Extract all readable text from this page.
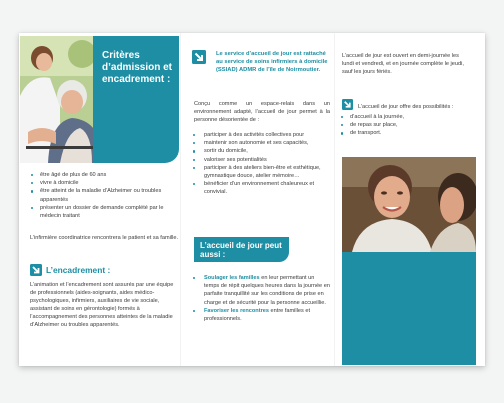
Critères d’admission et encadrement :
être âgé de plus de 60 ans
vivre à domicile
être atteint de la maladie d’Alzheimer ou troubles apparentés
présenter un dossier de demande complété par le médecin traitant
L’infirmière coordinatrice rencontrera le patient et sa famille.
L’encadrement :
L’animation et l’encadrement sont assurés par une équipe de professionnels (aides-soignants, aides médico-psychologiques, infirmiers, auxiliaires de vie sociale, assistant de soins en gérontologie) formés à l’accompagnement des personnes atteintes de la maladie d’Alzheimer ou troubles apparentés.
Le service d’accueil de jour est rattaché au service de soins infirmiers à domicile (SSIAD) ADMR de l’île de Noirmoutier.
Conçu comme un espace-relais dans un environnement adapté, l’accueil de jour permet à la personne désorientée de :
participer à des activités collectives pour
maintenir son autonomie et ses capacités,
sortir du domicile,
valoriser ses potentialités
participer à des ateliers bien-être et esthétique, gymnastique douce, atelier mémoire…
bénéficier d’un environnement chaleureux et convivial.
L’accueil de jour peut aussi :
Soulager les familles en leur permettant un temps de répit quelques heures dans la journée en parfaite tranquillité sur les conditions de prise en charge et de sécurité pour la personne accueillie.
Favoriser les rencontres entre familles et professionnels.
L’accueil de jour est ouvert en demi-journée les lundi et vendredi, et en journée complète le jeudi, sauf les jours fériés.
L’accueil de jour offre des possibilités :
d’accueil à la journée,
de repas sur place,
de transport.
